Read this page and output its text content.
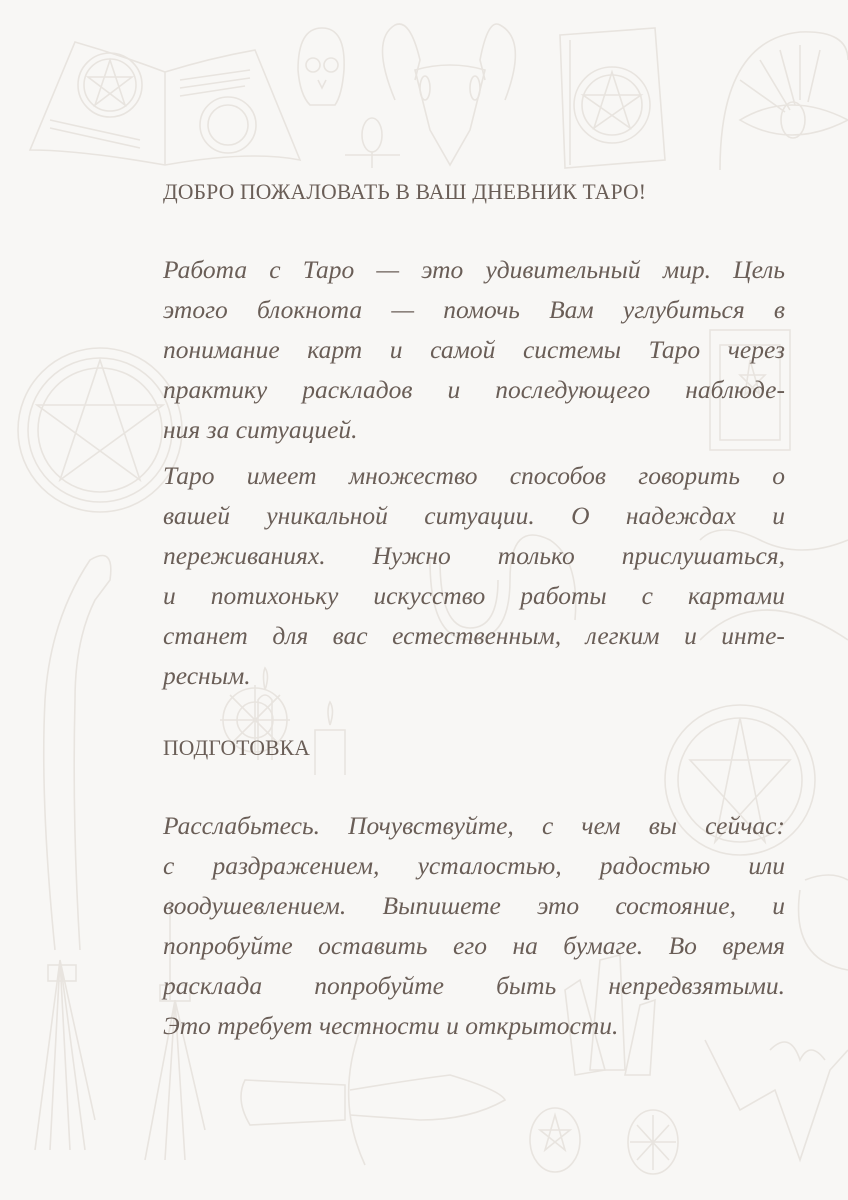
ДОБРО ПОЖАЛОВАТЬ В ВАШ ДНЕВНИК ТАРО!

Работа с Таро — это удивительный мир. Цель
этого блокнота — помочь Вам углубиться в
понимание карт и самой системы Таро через
практику раскладов и последующего наблюде-
ния за ситуацией.

Таро имеет множество способов говорить о
вашей уникальной ситуации. О надеждах и
переживаниях. Нужно только прислушаться,
и потихоньку искусство работы с картами
станет для вас естественным, легким и инте-
ресным.

ПОДГОТОВКА

Расслабьтесь. Почувствуйте, с чем вы сейчас:
с раздражением, усталостью, радостью или
воодушевлением. Выпишете это состояние, и
попробуйте оставить его на бумаге. Во время
расклада попробуйте быть непредвзятыми.
Это требует честности и открытости.
